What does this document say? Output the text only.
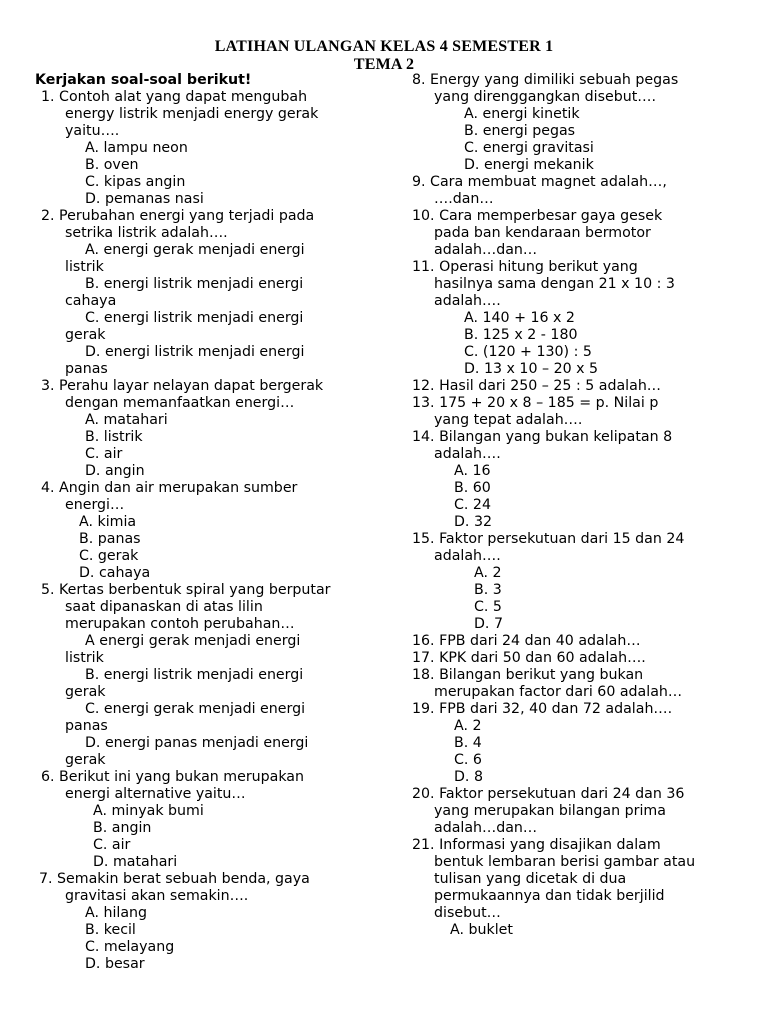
LATIHAN ULANGAN KELAS 4 SEMESTER 1
TEMA 2
Kerjakan soal-soal berikut!
1. Contoh alat yang dapat mengubah
energy listrik menjadi energy gerak
yaitu….
A. lampu neon
B. oven
C. kipas angin
D. pemanas nasi
2. Perubahan energi yang terjadi pada
setrika listrik adalah….
A. energi gerak menjadi energi
listrik
B. energi listrik menjadi energi
cahaya
C. energi listrik menjadi energi
gerak
D. energi listrik menjadi energi
panas
3. Perahu layar nelayan dapat bergerak
dengan memanfaatkan energi…
A. matahari
B. listrik
C. air
D. angin
4. Angin dan air merupakan sumber
energi…
A. kimia
B. panas
C. gerak
D. cahaya
5. Kertas berbentuk spiral yang berputar
saat dipanaskan di atas lilin
merupakan contoh perubahan…
A energi gerak menjadi energi
listrik
B. energi listrik menjadi energi
gerak
C. energi gerak menjadi energi
panas
D. energi panas menjadi energi
gerak
6. Berikut ini yang bukan merupakan
energi alternative yaitu…
A. minyak bumi
B. angin
C. air
D. matahari
7. Semakin berat sebuah benda, gaya
gravitasi akan semakin….
A. hilang
B. kecil
C. melayang
D. besar
8. Energy yang dimiliki sebuah pegas
yang direnggangkan disebut….
A. energi kinetik
B. energi pegas
C. energi gravitasi
D. energi mekanik
9. Cara membuat magnet adalah…,
….dan…
10. Cara memperbesar gaya gesek
pada ban kendaraan bermotor
adalah…dan…
11. Operasi hitung berikut yang
hasilnya sama dengan 21 x 10 : 3
adalah….
A. 140 + 16 x 2
B. 125 x 2 - 180
C. (120 + 130) : 5
D. 13 x 10 – 20 x 5
12. Hasil dari 250 – 25 : 5 adalah…
13. 175 + 20 x 8 – 185 = p. Nilai p
yang tepat adalah….
14. Bilangan yang bukan kelipatan 8
adalah….
A. 16
B. 60
C. 24
D. 32
15. Faktor persekutuan dari 15 dan 24
adalah….
A. 2
B. 3
C. 5
D. 7
16. FPB dari 24 dan 40 adalah…
17. KPK dari 50 dan 60 adalah….
18. Bilangan berikut yang bukan
merupakan factor dari 60 adalah…
19. FPB dari 32, 40 dan 72 adalah….
A. 2
B. 4
C. 6
D. 8
20. Faktor persekutuan dari 24 dan 36
yang merupakan bilangan prima
adalah…dan…
21. Informasi yang disajikan dalam
bentuk lembaran berisi gambar atau
tulisan yang dicetak di dua
permukaannya dan tidak berjilid
disebut…
A. buklet
